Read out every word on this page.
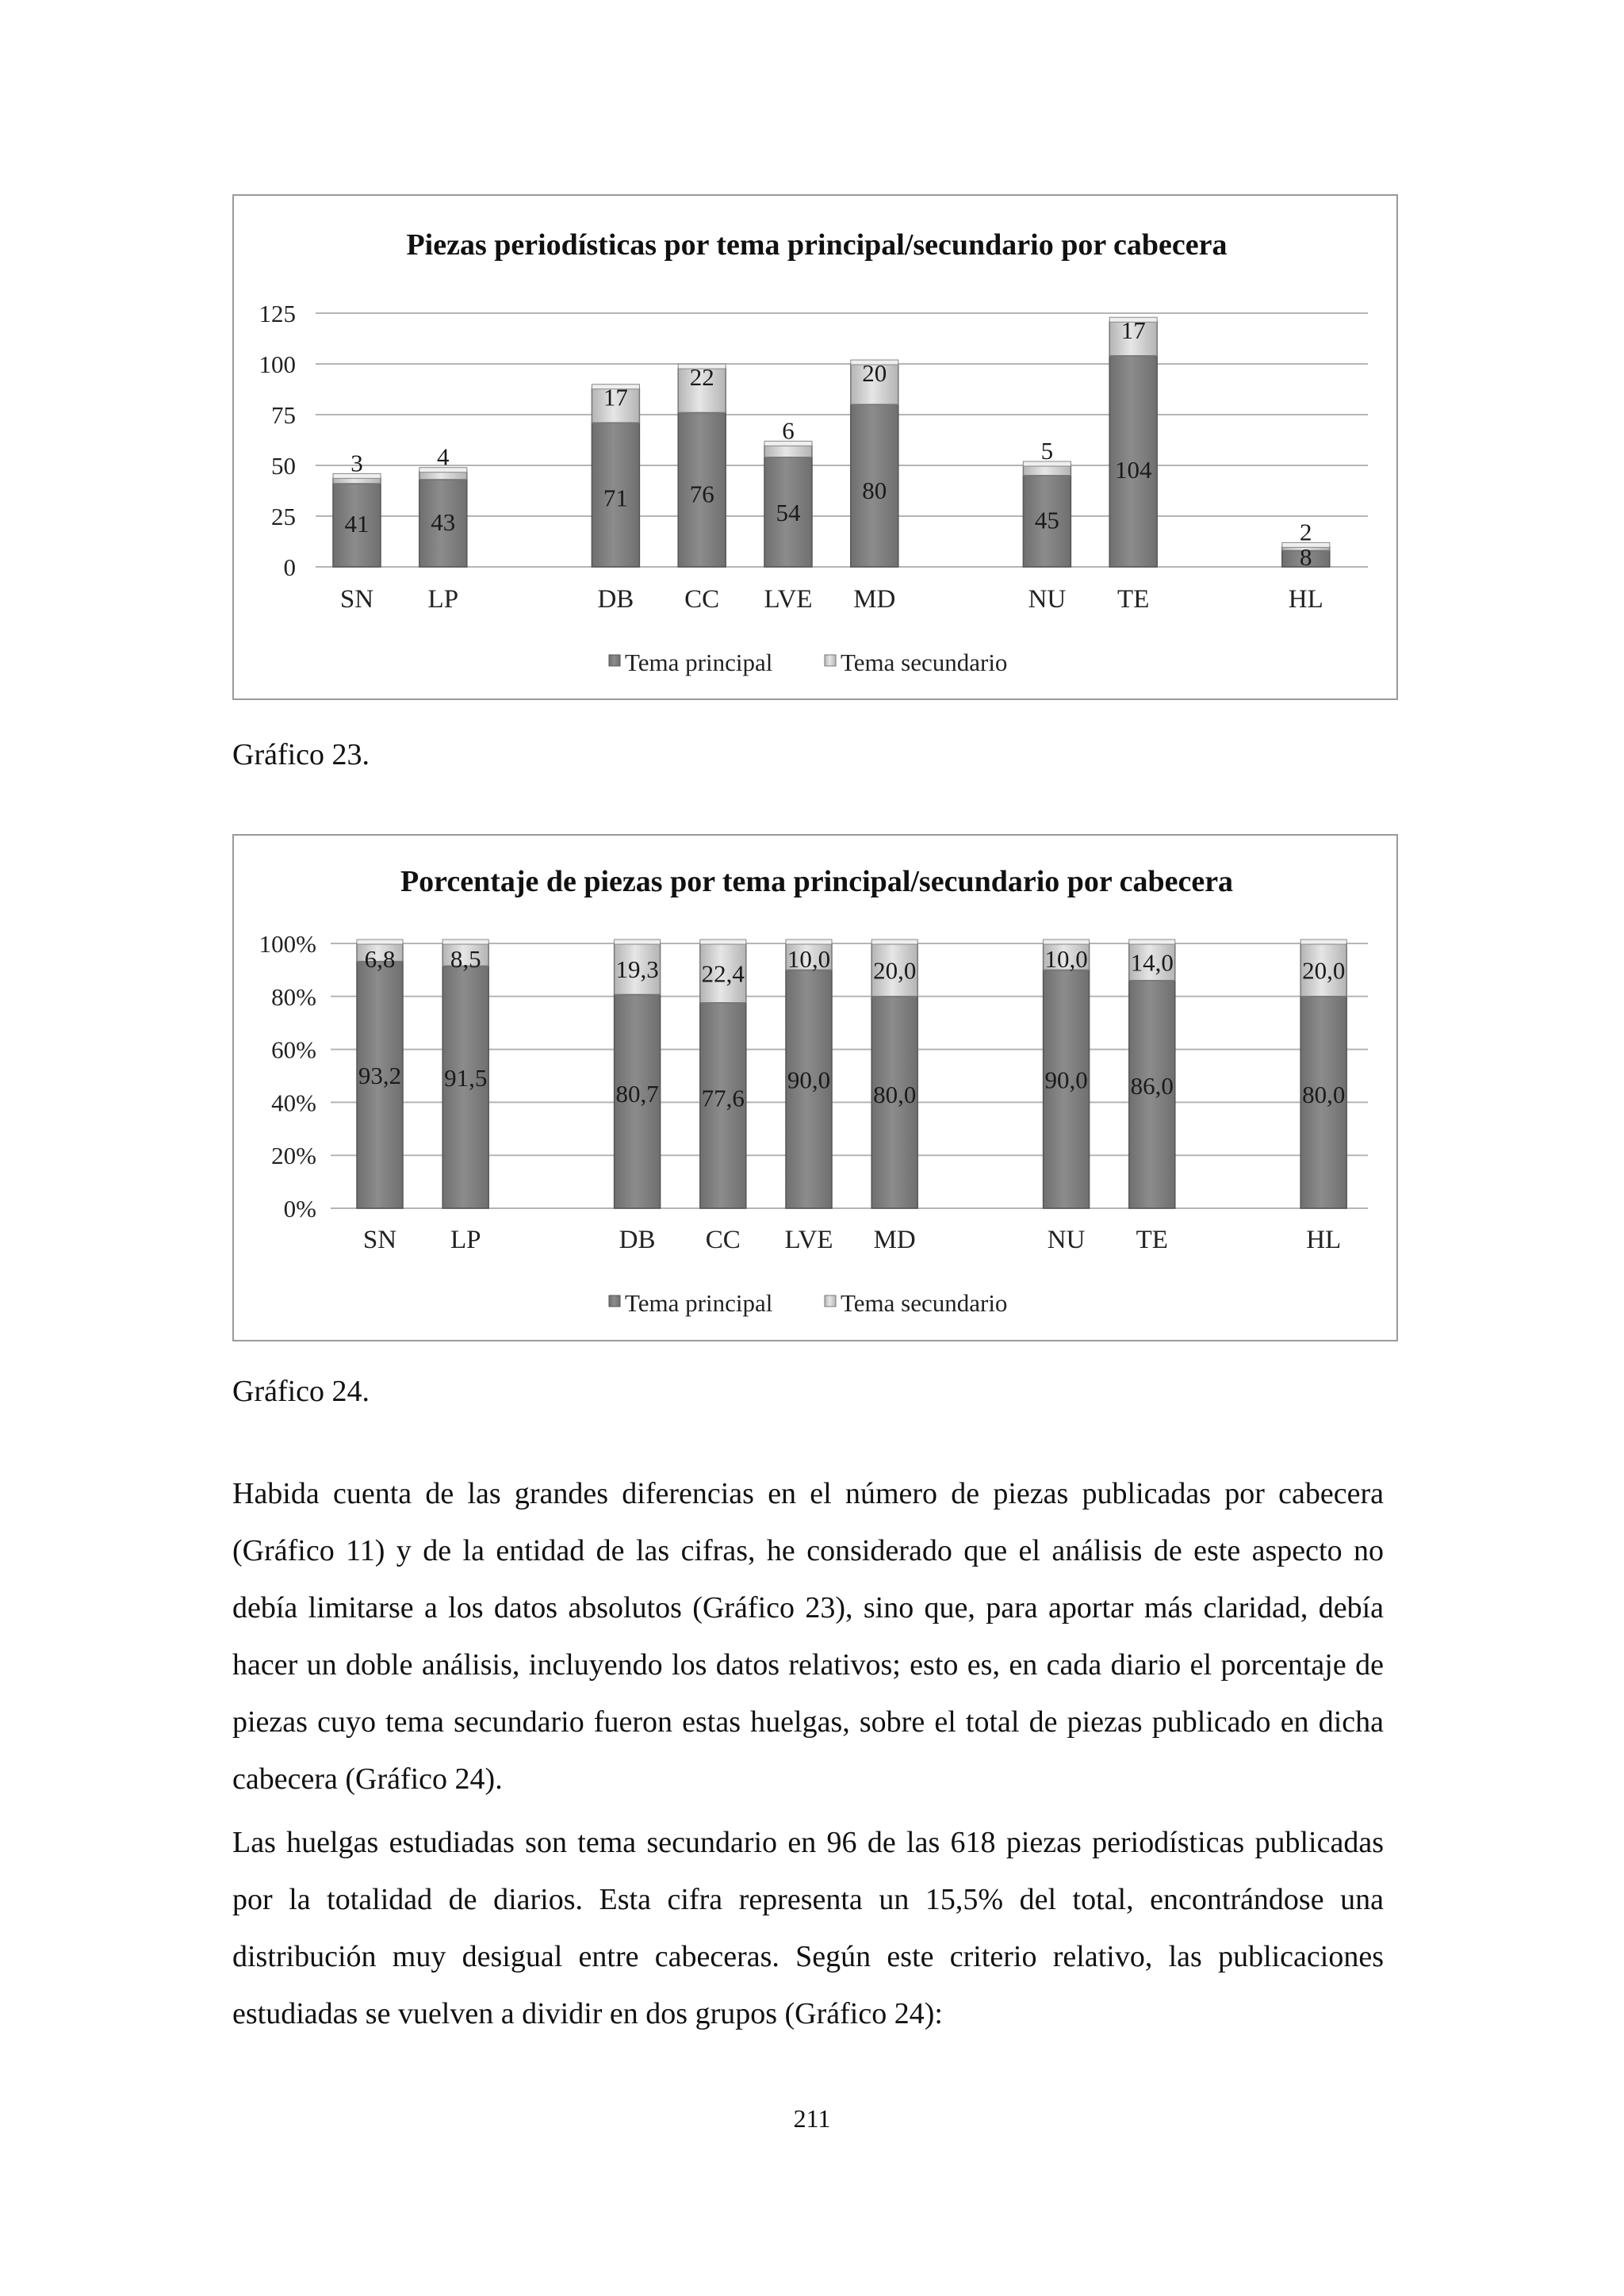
Piezas periodísticas por tema principal/secundario por cabecera
125
100
75
50
25
0
SN
41
3
LP
43
4
DB
71
17
CC
76
22
LVE
54
6
MD
80
20
NU
45
5
TE
104
17
HL
8
2
Tema principal	Tema secundario

Gráfico 23.

Porcentaje de piezas por tema principal/secundario por cabecera
100%
80%
60%
40%
20%
0%
SN
93,2
6,8
LP
91,5
8,5
DB
80,7
19,3
CC
77,6
22,4
LVE
90,0
10,0
MD
80,0
20,0
NU
90,0
10,0
TE
86,0
14,0
HL
80,0
20,0
Tema principal	Tema secundario

Gráfico 24.

Habida cuenta de las grandes diferencias en el número de piezas publicadas por cabecera (Gráfico 11) y de la entidad de las cifras, he considerado que el análisis de este aspecto no debía limitarse a los datos absolutos (Gráfico 23), sino que, para aportar más claridad, debía hacer un doble análisis, incluyendo los datos relativos; esto es, en cada diario el porcentaje de piezas cuyo tema secundario fueron estas huelgas, sobre el total de piezas publicado en dicha cabecera (Gráfico 24).

Las huelgas estudiadas son tema secundario en 96 de las 618 piezas periodísticas publicadas por la totalidad de diarios. Esta cifra representa un 15,5% del total, encontrándose una distribución muy desigual entre cabeceras. Según este criterio relativo, las publicaciones estudiadas se vuelven a dividir en dos grupos (Gráfico 24):

211
